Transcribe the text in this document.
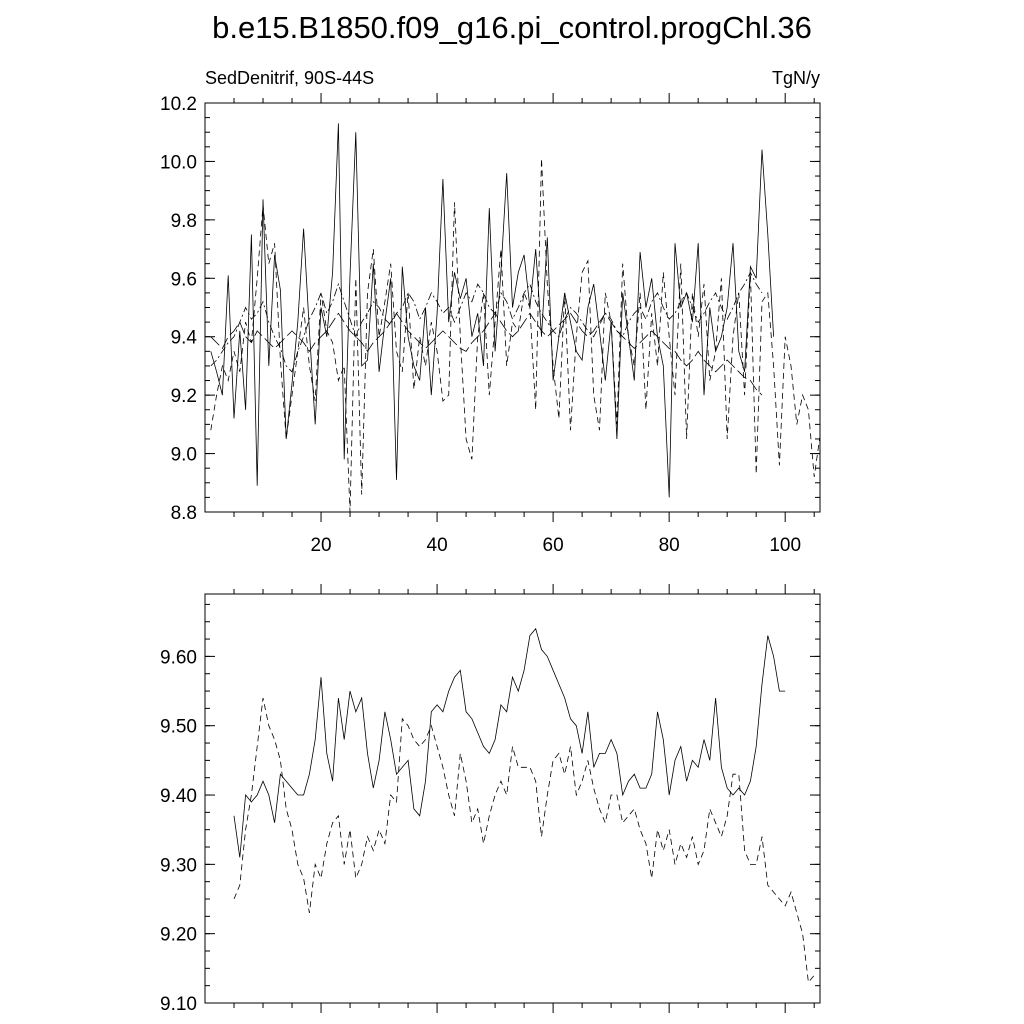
b.e15.B1850.f09_g16.pi_control.progChl.36
SedDenitrif, 90S-44S	TgN/y
8.8
9.0
9.2
9.4
9.6
9.8
10.0
10.2
20	40	60	80	100
9.10
9.20
9.30
9.40
9.50
9.60
